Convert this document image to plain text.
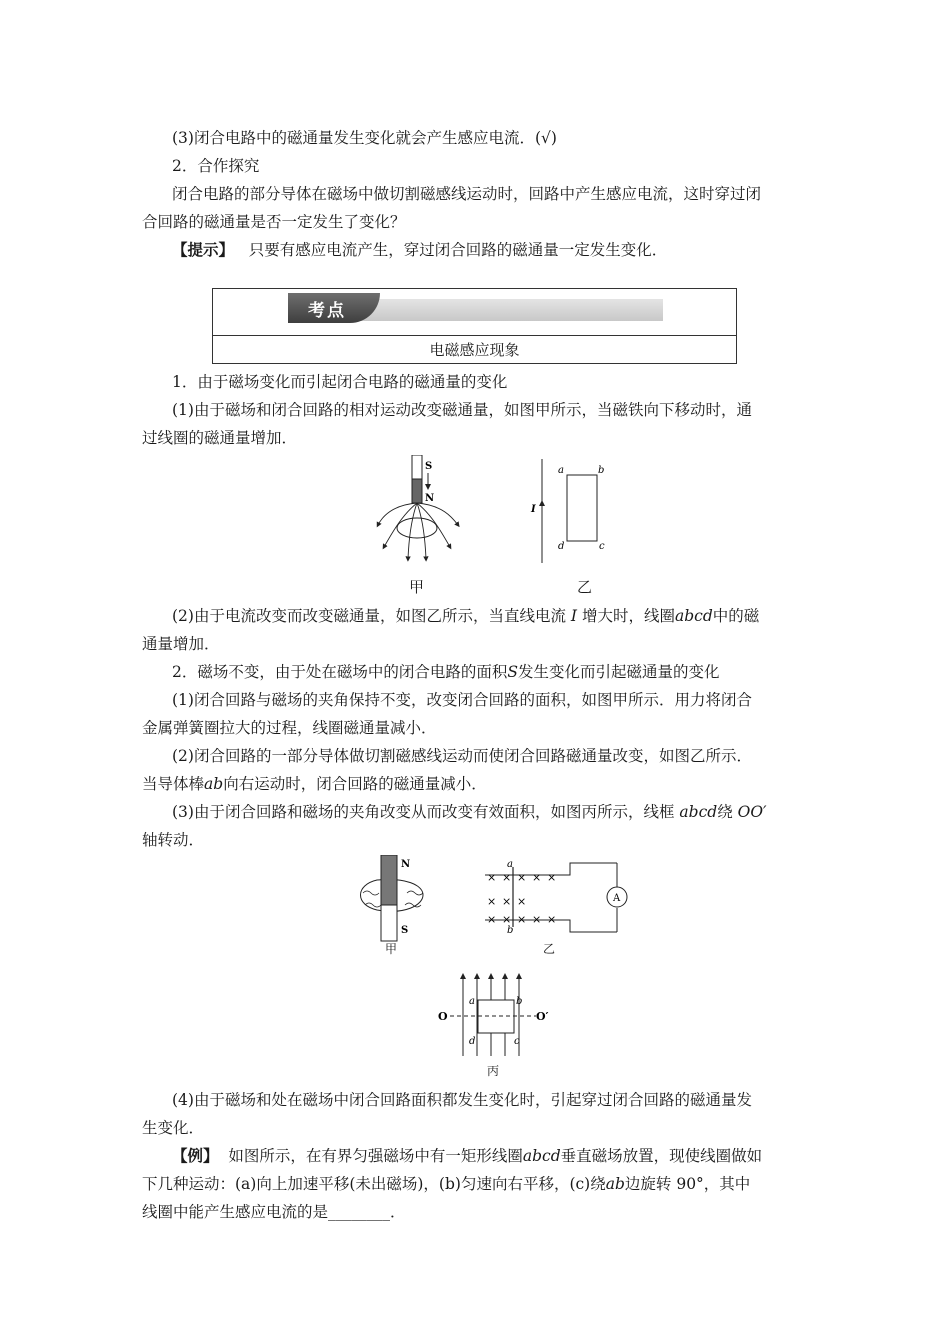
(3)闭合电路中的磁通量发生变化就会产生感应电流．(√)
2．合作探究
闭合电路的部分导体在磁场中做切割磁感线运动时，回路中产生感应电流，这时穿过闭
合回路的磁通量是否一定发生了变化？
【提示】 只要有感应电流产生，穿过闭合回路的磁通量一定发生变化．
考点
电磁感应现象
1．由于磁场变化而引起闭合电路的磁通量的变化
(1)由于磁场和闭合回路的相对运动改变磁通量，如图甲所示，当磁铁向下移动时，通
过线圈的磁通量增加．
S
N
I
a	b
c
d
甲	乙
(2)由于电流改变而改变磁通量，如图乙所示，当直线电流 I 增大时，线圈abcd中的磁
通量增加．
2．磁场不变，由于处在磁场中的闭合电路的面积S发生变化而引起磁通量的变化
(1)闭合回路与磁场的夹角保持不变，改变闭合回路的面积，如图甲所示．用力将闭合
金属弹簧圈拉大的过程，线圈磁通量减小．
(2)闭合回路的一部分导体做切割磁感线运动而使闭合回路磁通量改变，如图乙所示．
当导体棒ab向右运动时，闭合回路的磁通量减小．
(3)由于闭合回路和磁场的夹角改变从而改变有效面积，如图丙所示，线框 abcd绕 OO′
轴转动．
N
S
A
a
b
× × × × ×
× × ×
× × × × ×
甲	乙
O	O′
a	b
c
d
丙
(4)由于磁场和处在磁场中闭合回路面积都发生变化时，引起穿过闭合回路的磁通量发
生变化．
【例】 如图所示，在有界匀强磁场中有一矩形线圈abcd垂直磁场放置，现使线圈做如
下几种运动：(a)向上加速平移(未出磁场)，(b)匀速向右平移，(c)绕ab边旋转 90°，其中
线圈中能产生感应电流的是________．
